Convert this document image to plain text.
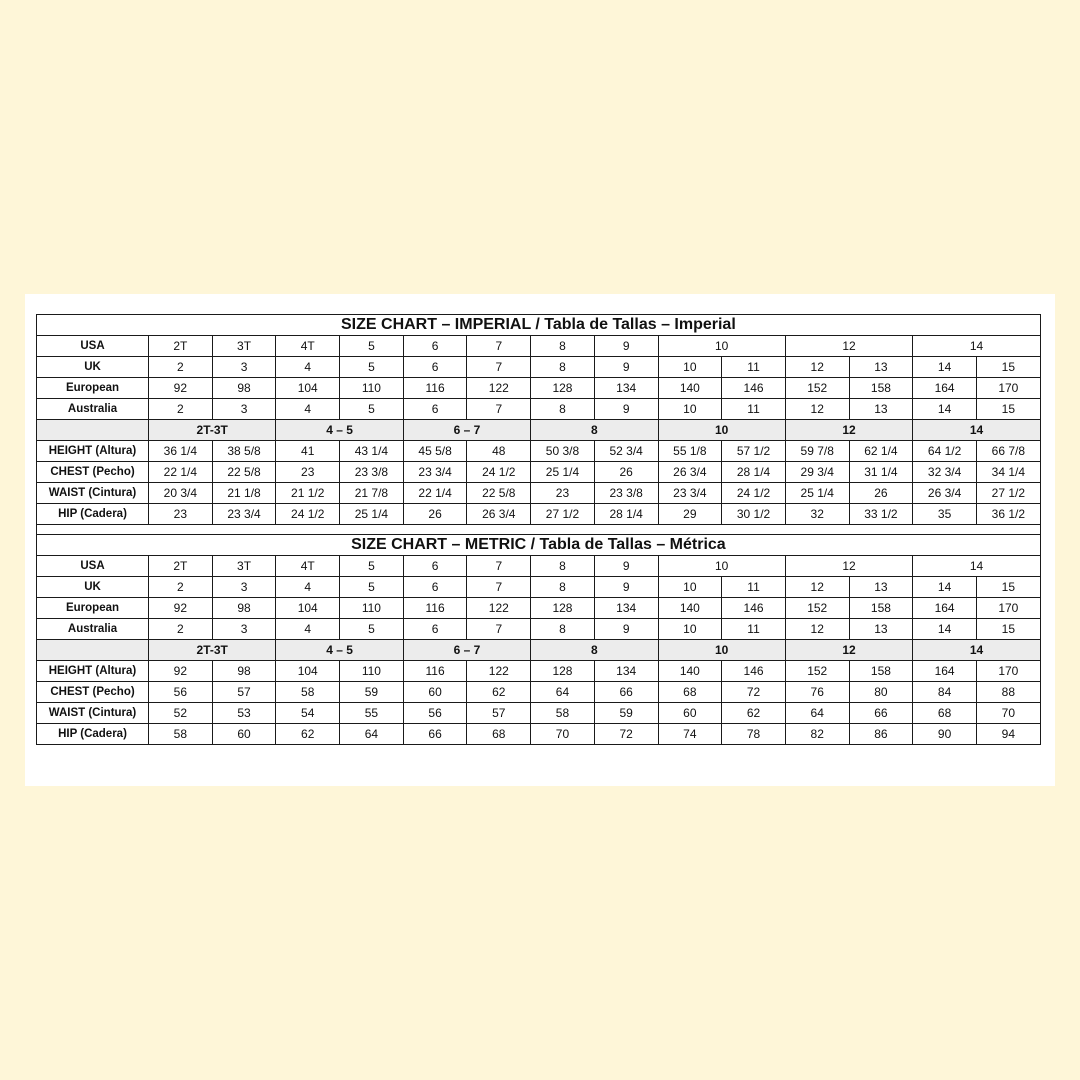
SIZE CHART – IMPERIAL / Tabla de Tallas – Imperial														
USA	2T	3T	4T	5	6	7	8	9	10		12		14	
UK	2	3	4	5	6	7	8	9	10	11	12	13	14	15
European	92	98	104	110	116	122	128	134	140	146	152	158	164	170
Australia	2	3	4	5	6	7	8	9	10	11	12	13	14	15
	2T-3T		4 – 5		6 – 7		8		10		12		14	
HEIGHT (Altura)	36 1/4	38 5/8	41	43 1/4	45 5/8	48	50 3/8	52 3/4	55 1/8	57 1/2	59 7/8	62 1/4	64 1/2	66 7/8
CHEST (Pecho)	22 1/4	22 5/8	23	23 3/8	23 3/4	24 1/2	25 1/4	26	26 3/4	28 1/4	29 3/4	31 1/4	32 3/4	34 1/4
WAIST (Cintura)	20 3/4	21 1/8	21 1/2	21 7/8	22 1/4	22 5/8	23	23 3/8	23 3/4	24 1/2	25 1/4	26	26 3/4	27 1/2
HIP (Cadera)	23	23 3/4	24 1/2	25 1/4	26	26 3/4	27 1/2	28 1/4	29	30 1/2	32	33 1/2	35	36 1/2

SIZE CHART – METRIC / Tabla de Tallas – Métrica														
USA	2T	3T	4T	5	6	7	8	9	10		12		14	
UK	2	3	4	5	6	7	8	9	10	11	12	13	14	15
European	92	98	104	110	116	122	128	134	140	146	152	158	164	170
Australia	2	3	4	5	6	7	8	9	10	11	12	13	14	15
	2T-3T		4 – 5		6 – 7		8		10		12		14	
HEIGHT (Altura)	92	98	104	110	116	122	128	134	140	146	152	158	164	170
CHEST (Pecho)	56	57	58	59	60	62	64	66	68	72	76	80	84	88
WAIST (Cintura)	52	53	54	55	56	57	58	59	60	62	64	66	68	70
HIP (Cadera)	58	60	62	64	66	68	70	72	74	78	82	86	90	94
